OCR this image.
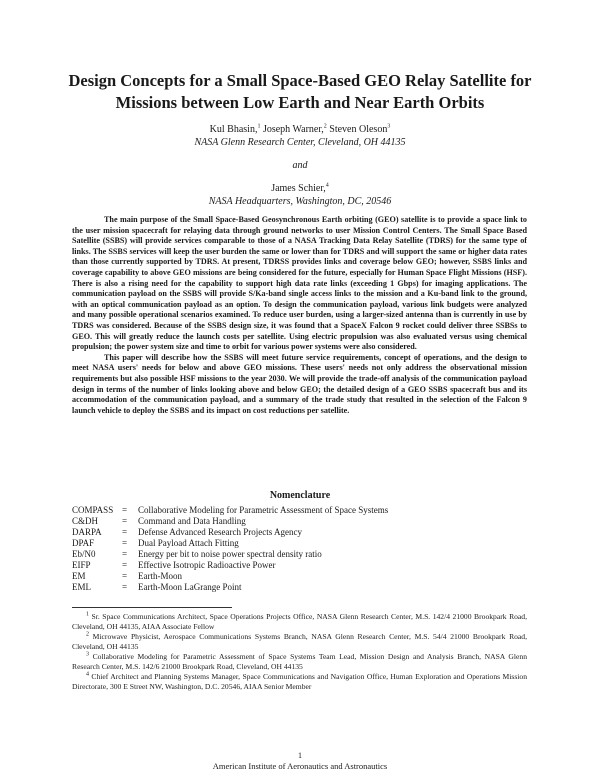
Design Concepts for a Small Space-Based GEO Relay Satellite for
Missions between Low Earth and Near Earth Orbits
Kul Bhasin,$^1$ Joseph Warner,$^2$ Steven Oleson$^3$
NASA Glenn Research Center, Cleveland, OH 44135
and
James Schier,$^4$
NASA Headquarters, Washington, DC, 20546

The main purpose of the Small Space-Based Geosynchronous Earth orbiting (GEO) satellite is to provide a space link to the user mission spacecraft for relaying data through ground networks to user Mission Control Centers. The Small Space Based Satellite (SSBS) will provide services comparable to those of a NASA Tracking Data Relay Satellite (TDRS) for the same type of links. The SSBS services will keep the user burden the same or lower than for TDRS and will support the same or higher data rates than those currently supported by TDRS. At present, TDRSS provides links and coverage below GEO; however, SSBS links and coverage capability to above GEO missions are being considered for the future, especially for Human Space Flight Missions (HSF). There is also a rising need for the capability to support high data rate links (exceeding 1 Gbps) for imaging applications. The communication payload on the SSBS will provide S/Ka-band single access links to the mission and a Ku-band link to the ground, with an optical communication payload as an option. To design the communication payload, various link budgets were analyzed and many possible operational scenarios examined. To reduce user burden, using a larger-sized antenna than is currently in use by TDRS was considered. Because of the SSBS design size, it was found that a SpaceX Falcon 9 rocket could deliver three SSBSs to GEO. This will greatly reduce the launch costs per satellite. Using electric propulsion was also evaluated versus using chemical propulsion; the power system size and time to orbit for various power systems were also considered.

This paper will describe how the SSBS will meet future service requirements, concept of operations, and the design to meet NASA users' needs for below and above GEO missions. These users' needs not only address the observational mission requirements but also possible HSF missions to the year 2030. We will provide the trade-off analysis of the communication payload design in terms of the number of links looking above and below GEO; the detailed design of a GEO SSBS spacecraft bus and its accommodation of the communication payload, and a summary of the trade study that resulted in the selection of the Falcon 9 launch vehicle to deploy the SSBS and its impact on cost reductions per satellite.

Nomenclature
COMPASS =	Collaborative Modeling for Parametric Assessment of Space Systems
C&DH	=	Command and Data Handling
DARPA	=	Defense Advanced Research Projects Agency
DPAF	=	Dual Payload Attach Fitting
Eb/N0	=	Energy per bit to noise power spectral density ratio
EIFP	=	Effective Isotropic Radioactive Power
EM	=	Earth-Moon
EML	=	Earth-Moon LaGrange Point

$^1$ Sr. Space Communications Architect, Space Operations Projects Office, NASA Glenn Research Center, M.S. 142/4 21000 Brookpark Road, Cleveland, OH 44135, AIAA Associate Fellow

$^2$ Microwave Physicist, Aerospace Communications Systems Branch, NASA Glenn Research Center, M.S. 54/4 21000 Brookpark Road, Cleveland, OH 44135

$^3$ Collaborative Modeling for Parametric Assessment of Space Systems Team Lead, Mission Design and Analysis Branch, NASA Glenn Research Center, M.S. 142/6 21000 Brookpark Road, Cleveland, OH 44135

$^4$ Chief Architect and Planning Systems Manager, Space Communications and Navigation Office, Human Exploration and Operations Mission Directorate, 300 E Street NW, Washington, D.C. 20546, AIAA Senior Member

1
American Institute of Aeronautics and Astronautics
